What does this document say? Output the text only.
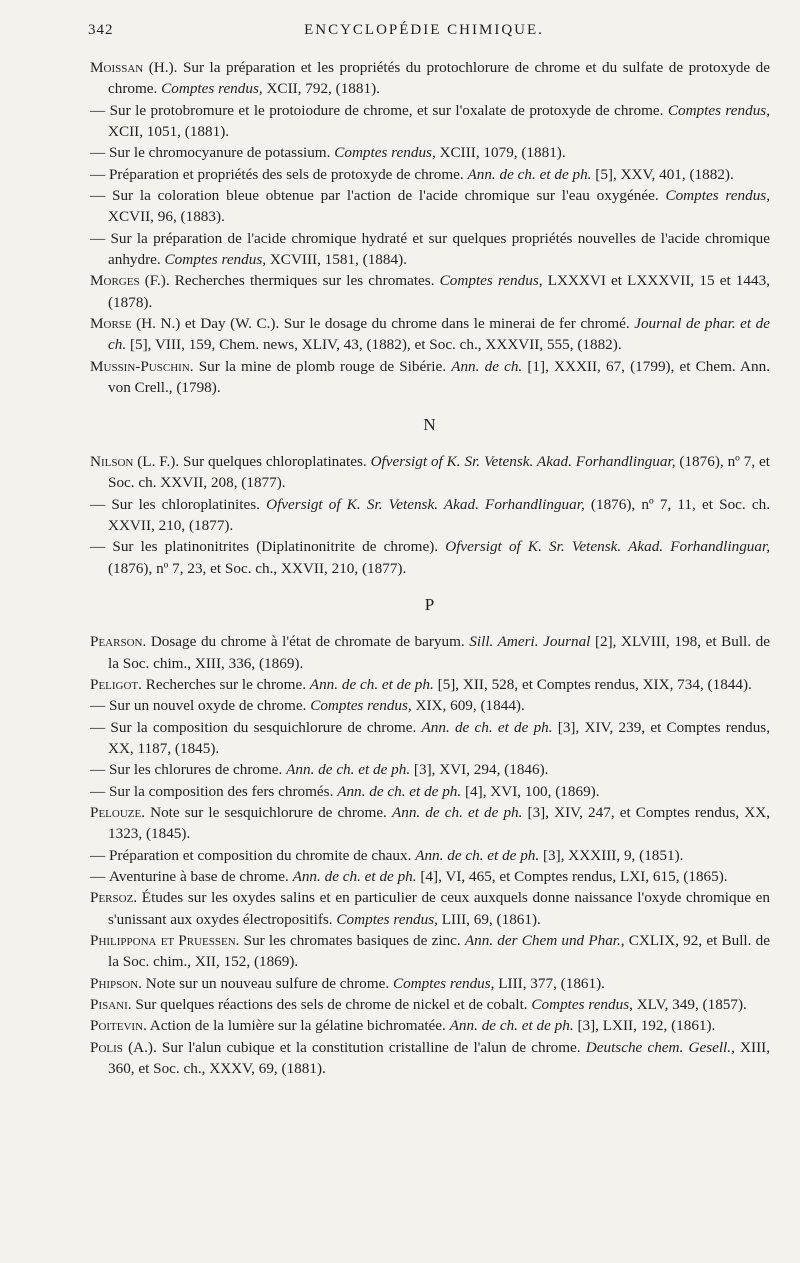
342	ENCYCLOPÉDIE CHIMIQUE.

Moissan (H.). Sur la préparation et les propriétés du protochlorure de chrome et du sulfate de protoxyde de chrome. Comptes rendus, XCII, 792, (1881).

— Sur le protobromure et le protoiodure de chrome, et sur l'oxalate de protoxyde de chrome. Comptes rendus, XCII, 1051, (1881).

— Sur le chromocyanure de potassium. Comptes rendus, XCIII, 1079, (1881).

— Préparation et propriétés des sels de protoxyde de chrome. Ann. de ch. et de ph. [5], XXV, 401, (1882).

— Sur la coloration bleue obtenue par l'action de l'acide chromique sur l'eau oxygénée. Comptes rendus, XCVII, 96, (1883).

— Sur la préparation de l'acide chromique hydraté et sur quelques propriétés nouvelles de l'acide chromique anhydre. Comptes rendus, XCVIII, 1581, (1884).

Morges (F.). Recherches thermiques sur les chromates. Comptes rendus, LXXXVI et LXXXVII, 15 et 1443, (1878).

Morse (H. N.) et Day (W. C.). Sur le dosage du chrome dans le minerai de fer chromé. Journal de phar. et de ch. [5], VIII, 159, Chem. news, XLIV, 43, (1882), et Soc. ch., XXXVII, 555, (1882).

Mussin-Puschin. Sur la mine de plomb rouge de Sibérie. Ann. de ch. [1], XXXII, 67, (1799), et Chem. Ann. von Crell., (1798).

N

Nilson (L. F.). Sur quelques chloroplatinates. Ofversigt of K. Sr. Vetensk. Akad. Forhandlinguar, (1876), nº 7, et Soc. ch. XXVII, 208, (1877).

— Sur les chloroplatinites. Ofversigt of K. Sr. Vetensk. Akad. Forhandlinguar, (1876), nº 7, 11, et Soc. ch. XXVII, 210, (1877).

— Sur les platinonitrites (Diplatinonitrite de chrome). Ofversigt of K. Sr. Vetensk. Akad. Forhandlinguar, (1876), nº 7, 23, et Soc. ch., XXVII, 210, (1877).

P

Pearson. Dosage du chrome à l'état de chromate de baryum. Sill. Ameri. Journal [2], XLVIII, 198, et Bull. de la Soc. chim., XIII, 336, (1869).

Peligot. Recherches sur le chrome. Ann. de ch. et de ph. [5], XII, 528, et Comptes rendus, XIX, 734, (1844).

— Sur un nouvel oxyde de chrome. Comptes rendus, XIX, 609, (1844).

— Sur la composition du sesquichlorure de chrome. Ann. de ch. et de ph. [3], XIV, 239, et Comptes rendus, XX, 1187, (1845).

— Sur les chlorures de chrome. Ann. de ch. et de ph. [3], XVI, 294, (1846).

— Sur la composition des fers chromés. Ann. de ch. et de ph. [4], XVI, 100, (1869).

Pelouze. Note sur le sesquichlorure de chrome. Ann. de ch. et de ph. [3], XIV, 247, et Comptes rendus, XX, 1323, (1845).

— Préparation et composition du chromite de chaux. Ann. de ch. et de ph. [3], XXXIII, 9, (1851).

— Aventurine à base de chrome. Ann. de ch. et de ph. [4], VI, 465, et Comptes rendus, LXI, 615, (1865).

Persoz. Études sur les oxydes salins et en particulier de ceux auxquels donne naissance l'oxyde chromique en s'unissant aux oxydes électropositifs. Comptes rendus, LIII, 69, (1861).

Philippona et Pruessen. Sur les chromates basiques de zinc. Ann. der Chem und Phar., CXLIX, 92, et Bull. de la Soc. chim., XII, 152, (1869).

Phipson. Note sur un nouveau sulfure de chrome. Comptes rendus, LIII, 377, (1861).

Pisani. Sur quelques réactions des sels de chrome de nickel et de cobalt. Comptes rendus, XLV, 349, (1857).

Poitevin. Action de la lumière sur la gélatine bichromatée. Ann. de ch. et de ph. [3], LXII, 192, (1861).

Polis (A.). Sur l'alun cubique et la constitution cristalline de l'alun de chrome. Deutsche chem. Gesell., XIII, 360, et Soc. ch., XXXV, 69, (1881).
